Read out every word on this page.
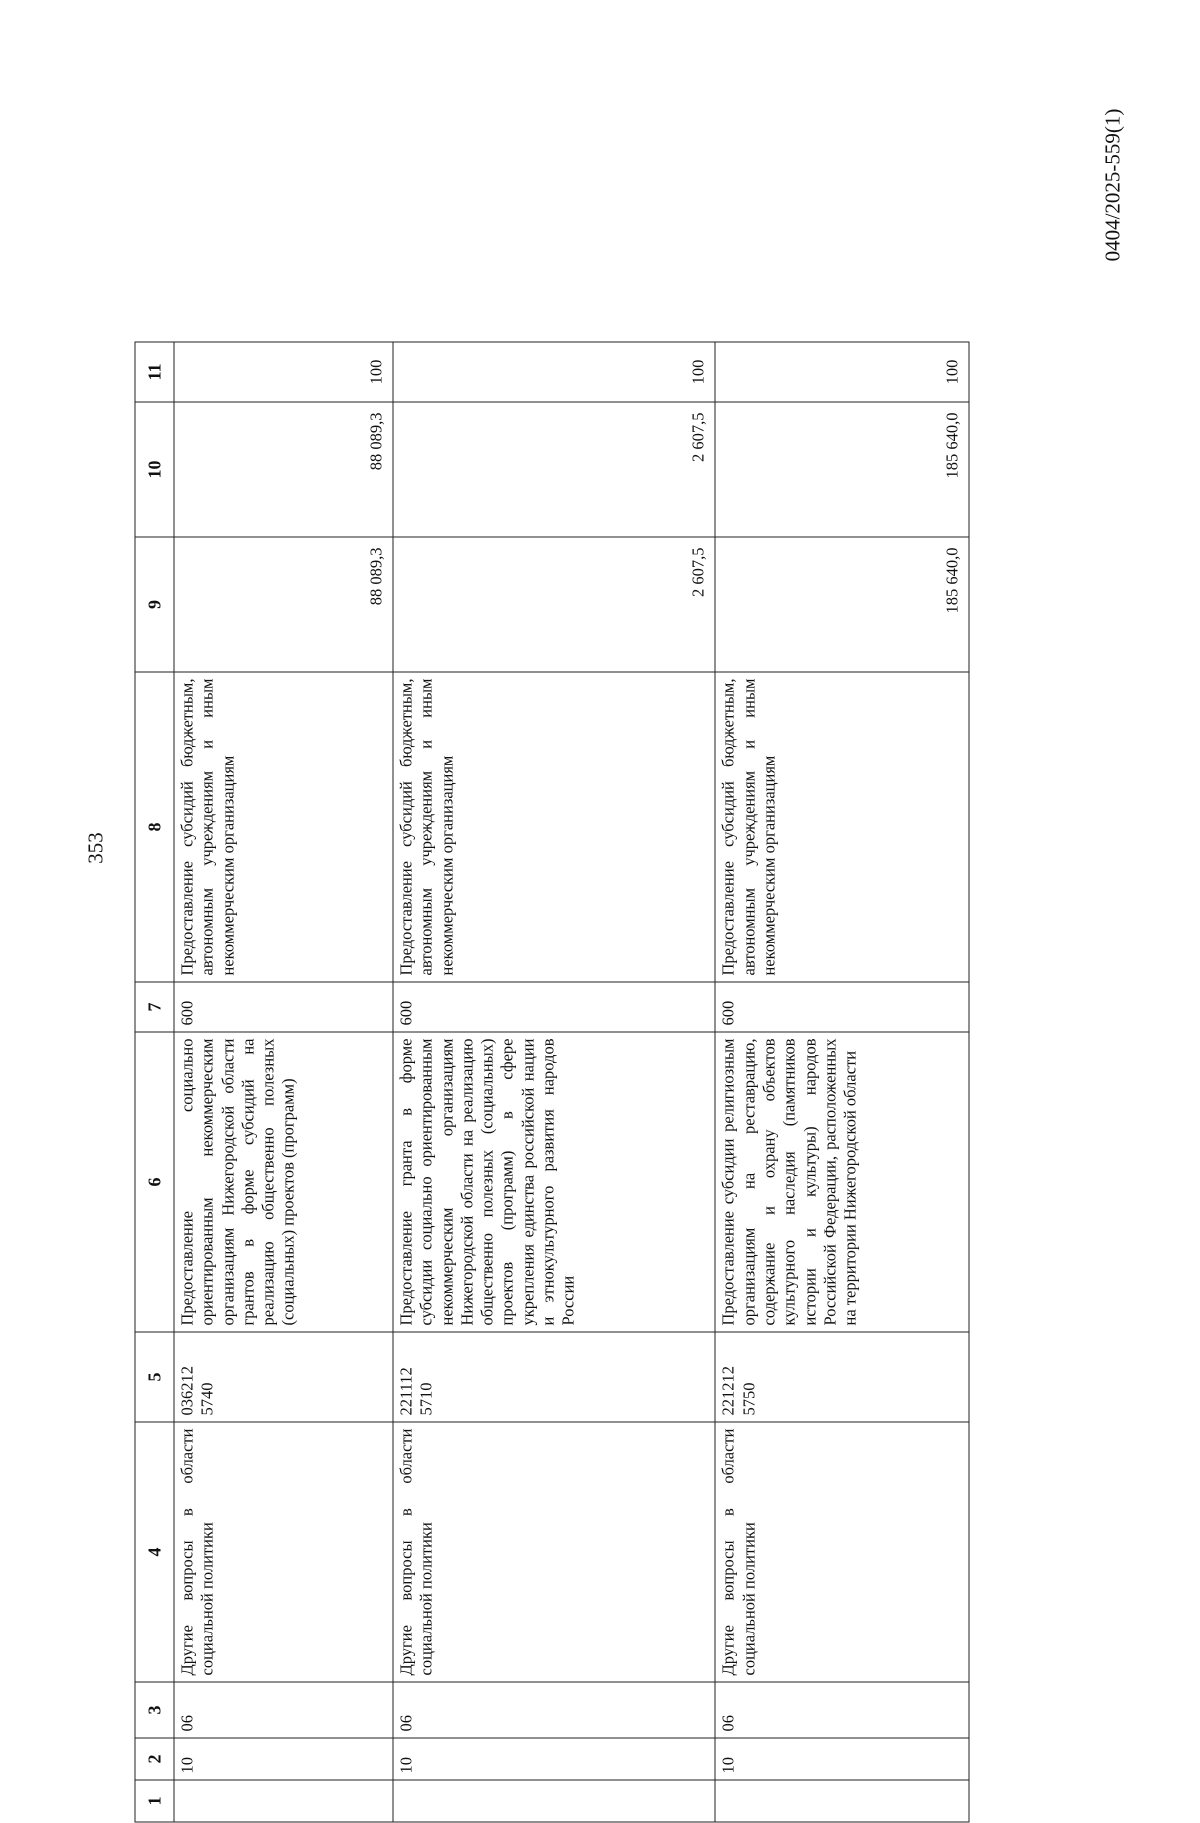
353
0404/2025-559(1)
1	2	3	4	5	6	7	8	9	10	11
	10	06	Другие вопросы в области социальной политики	036212 5740	Предоставление социально ориентированным некоммерческим организациям Нижегородской области грантов в форме субсидий на реализацию общественно полезных (социальных) проектов (программ)	600	Предоставление субсидий бюджетным, автономным учреждениям и иным некоммерческим организациям	88 089,3	88 089,3	100
	10	06	Другие вопросы в области социальной политики	221112 5710	Предоставление гранта в форме субсидии социально ориентированным некоммерческим организациям Нижегородской области на реализацию общественно полезных (социальных) проектов (программ) в сфере укрепления единства российской нации и этнокультурного развития народов России	600	Предоставление субсидий бюджетным, автономным учреждениям и иным некоммерческим организациям	2 607,5	2 607,5	100
	10	06	Другие вопросы в области социальной политики	221212 5750	Предоставление субсидии религиозным организациям на реставрацию, содержание и охрану объектов культурного наследия (памятников истории и культуры) народов Российской Федерации, расположенных на территории Нижегородской области	600	Предоставление субсидий бюджетным, автономным учреждениям и иным некоммерческим организациям	185 640,0	185 640,0	100
